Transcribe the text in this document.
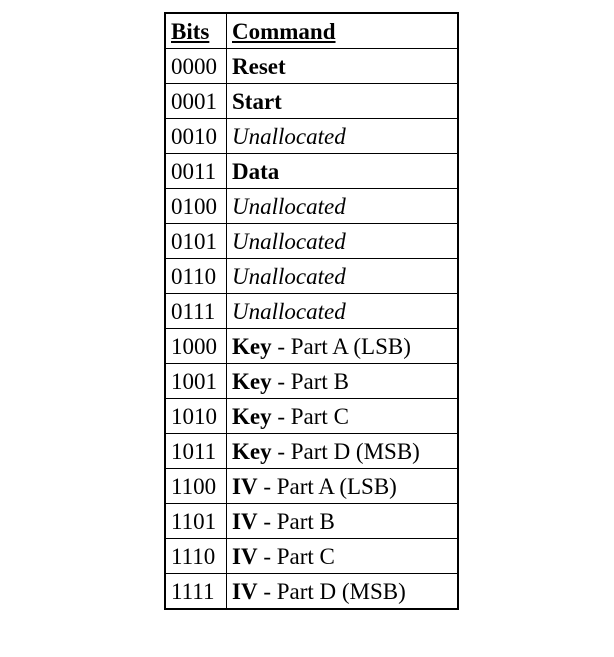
Bits	Command
0000	Reset
0001	Start
0010	Unallocated
0011	Data
0100	Unallocated
0101	Unallocated
0110	Unallocated
0111	Unallocated
1000	Key - Part A (LSB)
1001	Key - Part B
1010	Key - Part C
1011	Key - Part D (MSB)
1100	IV - Part A (LSB)
1101	IV - Part B
1110	IV - Part C
1111	IV - Part D (MSB)
